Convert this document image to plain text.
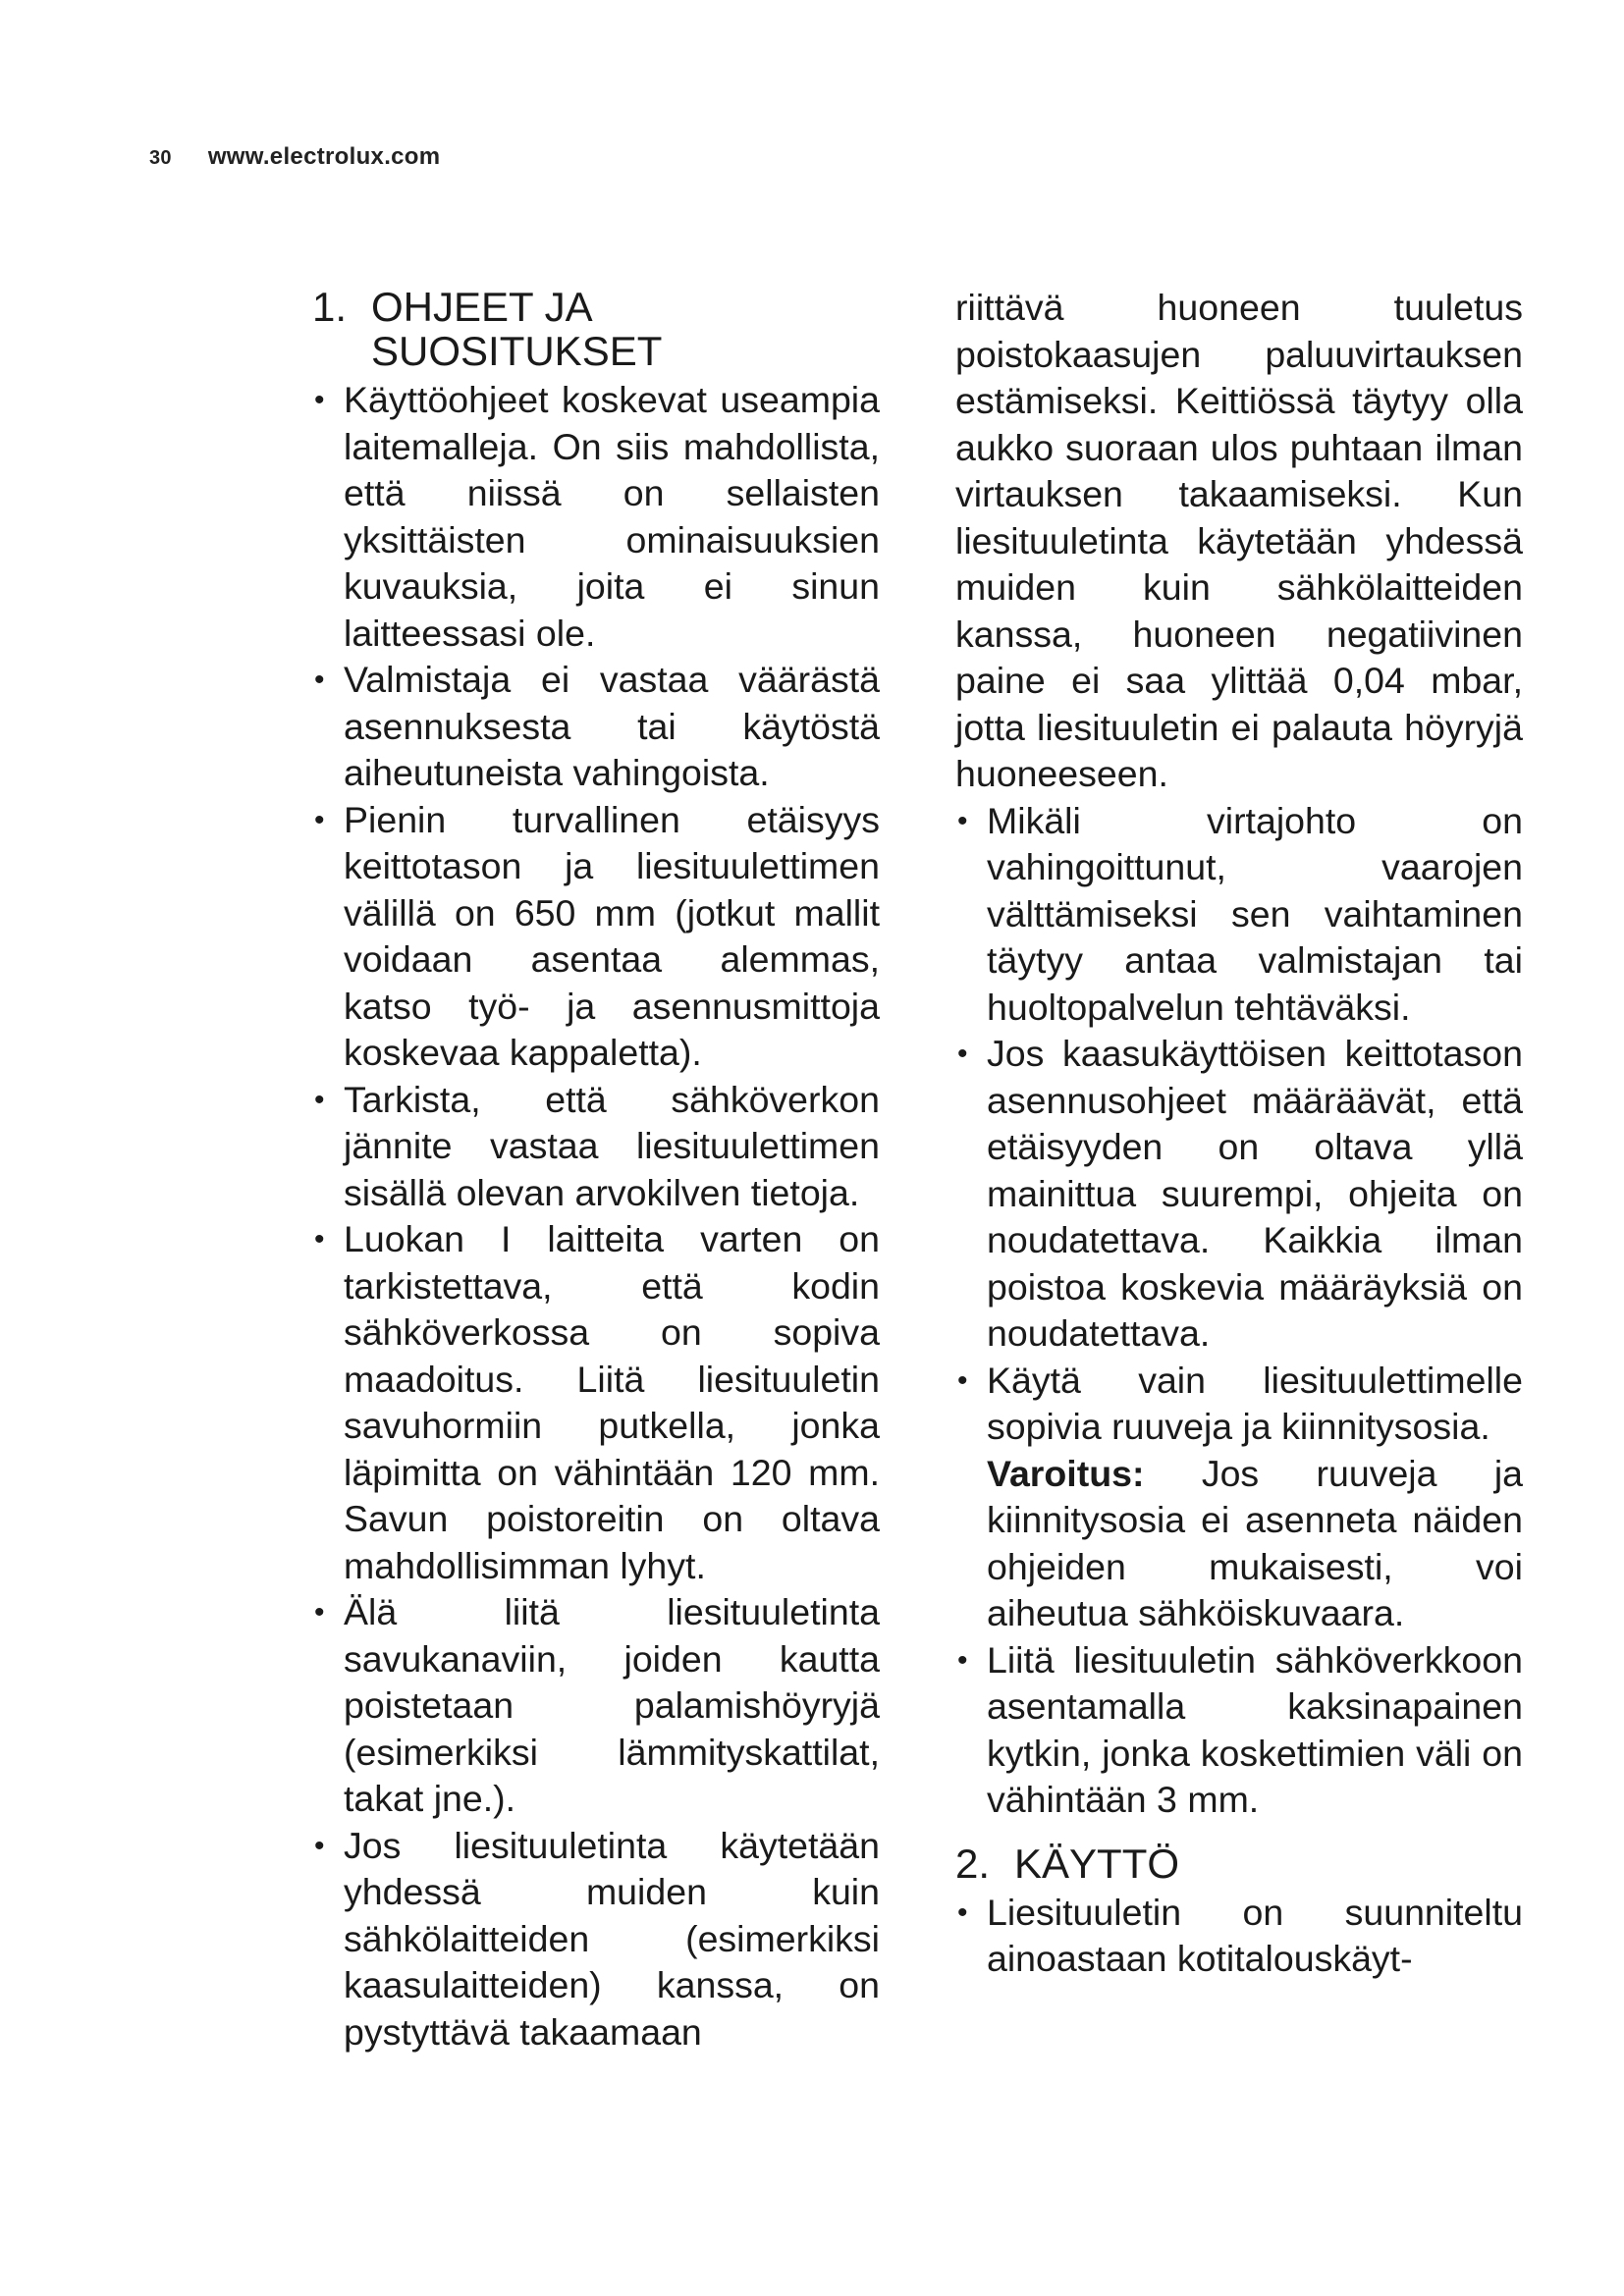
30 www.electrolux.com
1. OHJEET JA SUOSITUKSET
• Käyttöohjeet koskevat useampia laitemalleja. On siis mahdollista, että niissä on sellaisten yksittäisten ominaisuuksien kuvauksia, joita ei sinun laitteessasi ole.
• Valmistaja ei vastaa väärästä asennuksesta tai käytöstä aiheutuneista vahingoista.
• Pienin turvallinen etäisyys keittotason ja liesituulettimen välillä on 650 mm (jotkut mallit voidaan asentaa alemmas, katso työ- ja asennusmittoja koskevaa kappaletta).
• Tarkista, että sähköverkon jännite vastaa liesituulettimen sisällä olevan arvokilven tietoja.
• Luokan I laitteita varten on tarkistettava, että kodin sähköverkossa on sopiva maadoitus. Liitä liesituuletin savuhormiin putkella, jonka läpimitta on vähintään 120 mm. Savun poistoreitin on oltava mahdollisimman lyhyt.
• Älä liitä liesituuletinta savukanaviin, joiden kautta poistetaan palamishöyryjä (esimerkiksi lämmityskattilat, takat jne.).
• Jos liesituuletinta käytetään yhdessä muiden kuin sähkölaitteiden (esimerkiksi kaasulaitteiden) kanssa, on pystyttävä takaamaan
riittävä huoneen tuuletus poistokaasujen paluuvirtauksen estämiseksi. Keittiössä täytyy olla aukko suoraan ulos puhtaan ilman virtauksen takaamiseksi. Kun liesituuletinta käytetään yhdessä muiden kuin sähkölaitteiden kanssa, huoneen negatiivinen paine ei saa ylittää 0,04 mbar, jotta liesituuletin ei palauta höyryjä huoneeseen.
• Mikäli virtajohto on vahingoittunut, vaarojen välttämiseksi sen vaihtaminen täytyy antaa valmistajan tai huoltopalvelun tehtäväksi.
• Jos kaasukäyttöisen keittotason asennusohjeet määräävät, että etäisyyden on oltava yllä mainittua suurempi, ohjeita on noudatettava. Kaikkia ilman poistoa koskevia määräyksiä on noudatettava.
• Käytä vain liesituulettimelle sopivia ruuveja ja kiinnitysosia.
Varoitus: Jos ruuveja ja kiinnitysosia ei asenneta näiden ohjeiden mukaisesti, voi aiheutua sähköiskuvaara.
• Liitä liesituuletin sähköverkkoon asentamalla kaksinapainen kytkin, jonka koskettimien väli on vähintään 3 mm.
2. KÄYTTÖ
• Liesituuletin on suunniteltu ainoastaan kotitalouskäyt-
